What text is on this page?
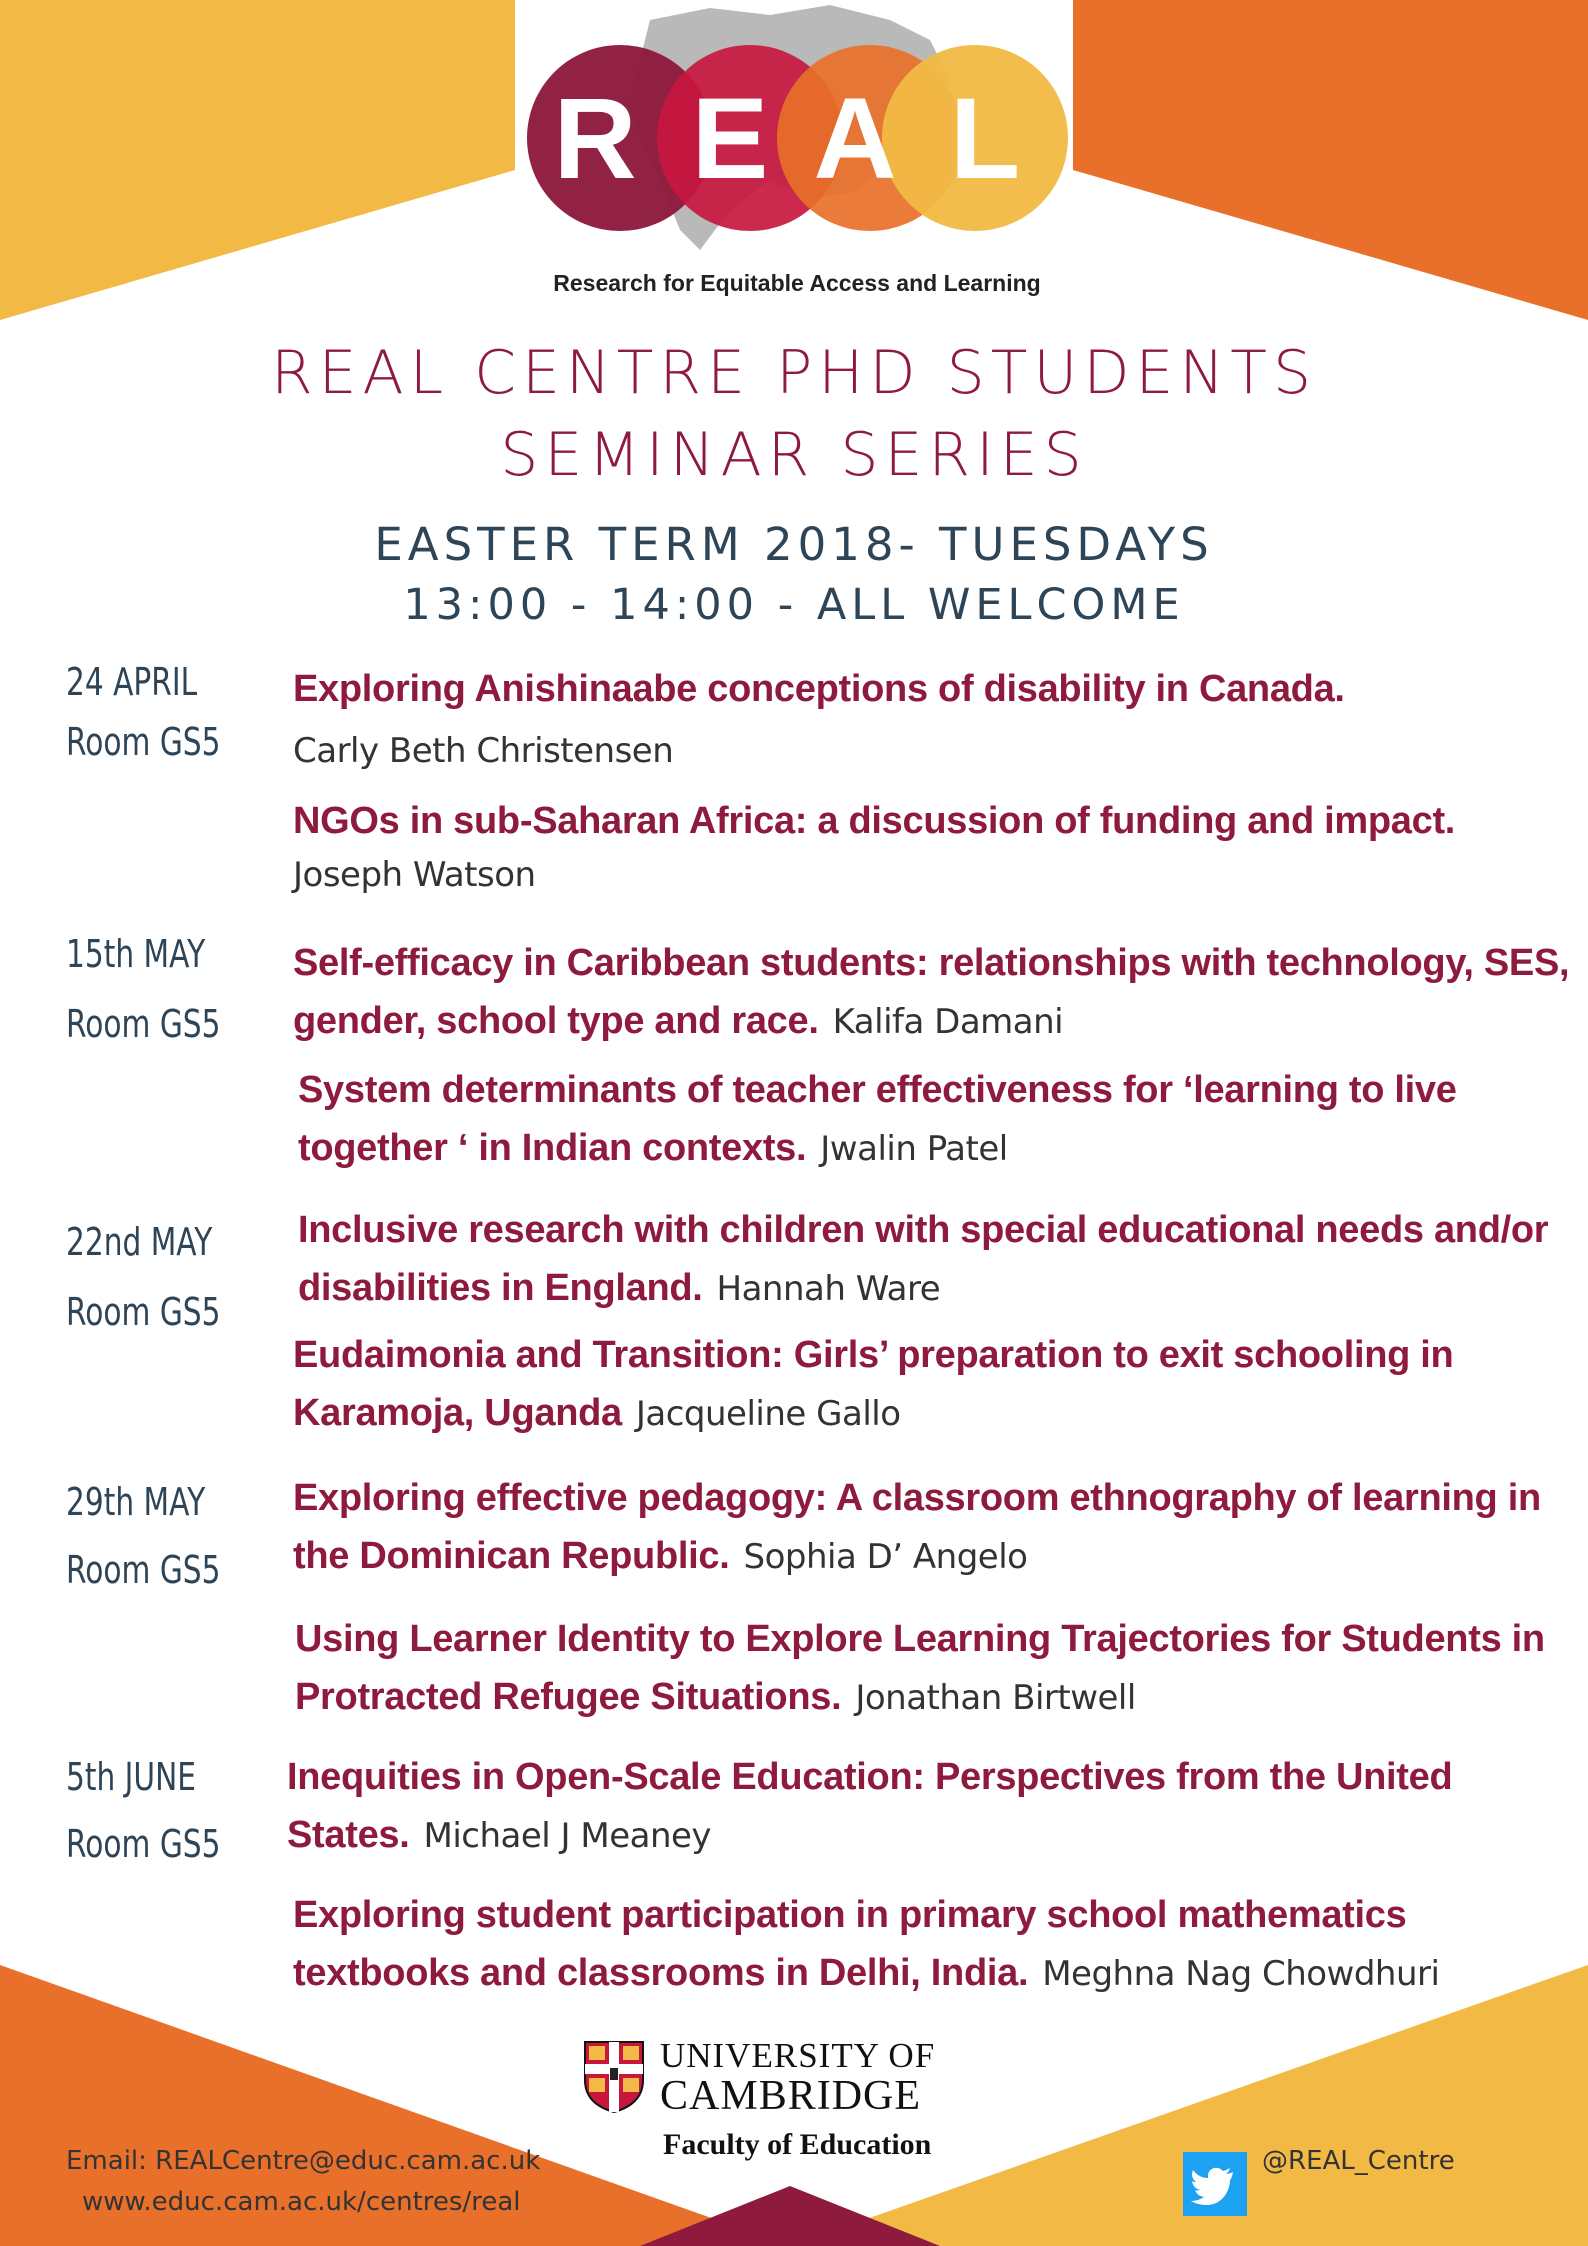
R E A L
Research for Equitable Access and Learning
REAL CENTRE PHD STUDENTS
SEMINAR SERIES
EASTER TERM 2018- TUESDAYS
13:00 - 14:00 - ALL WELCOME
24 APRIL
Room GS5
Exploring Anishinaabe conceptions of disability in Canada.
Carly Beth Christensen
NGOs in sub-Saharan Africa: a discussion of funding and impact.
Joseph Watson
15th MAY
Room GS5
Self-efficacy in Caribbean students: relationships with technology, SES, gender, school type and race. Kalifa Damani
System determinants of teacher effectiveness for ‘learning to live together ‘ in Indian contexts. Jwalin Patel
22nd MAY
Room GS5
Inclusive research with children with special educational needs and/or disabilities in England. Hannah Ware
Eudaimonia and Transition: Girls’ preparation to exit schooling in Karamoja, Uganda Jacqueline Gallo
29th MAY
Room GS5
Exploring effective pedagogy: A classroom ethnography of learning in the Dominican Republic. Sophia D’ Angelo
Using Learner Identity to Explore Learning Trajectories for Students in Protracted Refugee Situations. Jonathan Birtwell
5th JUNE
Room GS5
Inequities in Open-Scale Education: Perspectives from the United States. Michael J Meaney
Exploring student participation in primary school mathematics textbooks and classrooms in Delhi, India. Meghna Nag Chowdhuri
UNIVERSITY OF
CAMBRIDGE
Faculty of Education
Email: REALCentre@educ.cam.ac.uk
www.educ.cam.ac.uk/centres/real
@REAL_Centre
